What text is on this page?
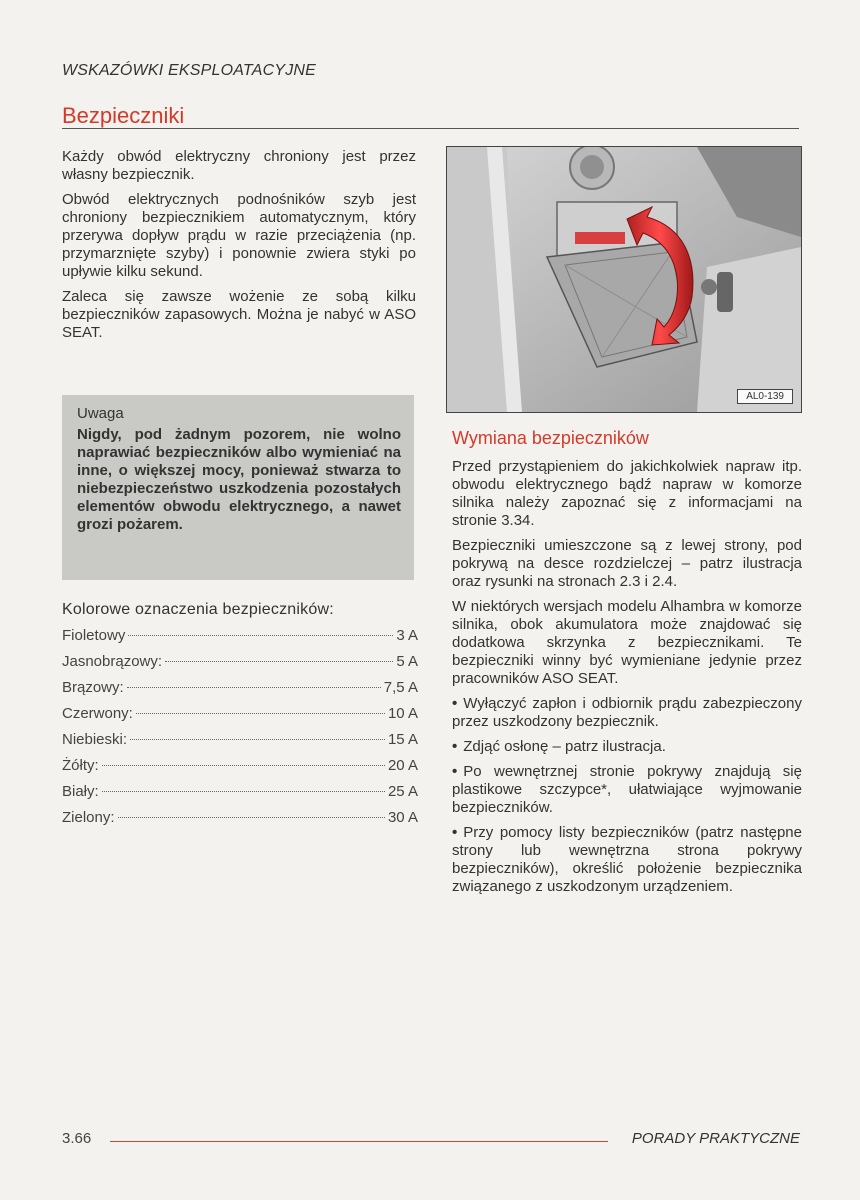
WSKAZÓWKI EKSPLOATACYJNE
Bezpieczniki

Każdy obwód elektryczny chroniony jest przez własny bezpiecznik.

Obwód elektrycznych podnośników szyb jest chroniony bezpiecznikiem automatycznym, który przerywa dopływ prądu w razie przeciążenia (np. przymarznięte szyby) i ponownie zwiera styki po upływie kilku sekund.

Zaleca się zawsze wożenie ze sobą kilku bezpieczników zapasowych. Można je nabyć w ASO SEAT.

Uwaga
Nigdy, pod żadnym pozorem, nie wolno naprawiać bezpieczników albo wymieniać na inne, o większej mocy, ponieważ stwarza to niebezpieczeństwo uszkodzenia pozostałych elementów obwodu elektrycznego, a nawet grozi pożarem.
Kolorowe oznaczenia bezpieczników:
Fioletowy	3 A
Jasnobrązowy:	5 A
Brązowy:	7,5 A
Czerwony:	10 A
Niebieski:	15 A
Żółty:	20 A
Biały:	25 A
Zielony:	30 A
AL0-139
Wymiana bezpieczników

Przed przystąpieniem do jakichkolwiek napraw itp. obwodu elektrycznego bądź napraw w komorze silnika należy zapoznać się z informacjami na stronie 3.34.

Bezpieczniki umieszczone są z lewej strony, pod pokrywą na desce rozdzielczej – patrz ilustracja oraz rysunki na stronach 2.3 i 2.4.

W niektórych wersjach modelu Alhambra w komorze silnika, obok akumulatora może znajdować się dodatkowa skrzynka z bezpiecznikami. Te bezpieczniki winny być wymieniane jedynie przez pracowników ASO SEAT.

• Wyłączyć zapłon i odbiornik prądu zabezpieczony przez uszkodzony bezpiecznik.

• Zdjąć osłonę – patrz ilustracja.

• Po wewnętrznej stronie pokrywy znajdują się plastikowe szczypce*, ułatwiające wyjmowanie bezpieczników.

• Przy pomocy listy bezpieczników (patrz następne strony lub wewnętrzna strona pokrywy bezpieczników), określić położenie bezpiecznika związanego z uszkodzonym urządzeniem.

3.66	PORADY PRAKTYCZNE
